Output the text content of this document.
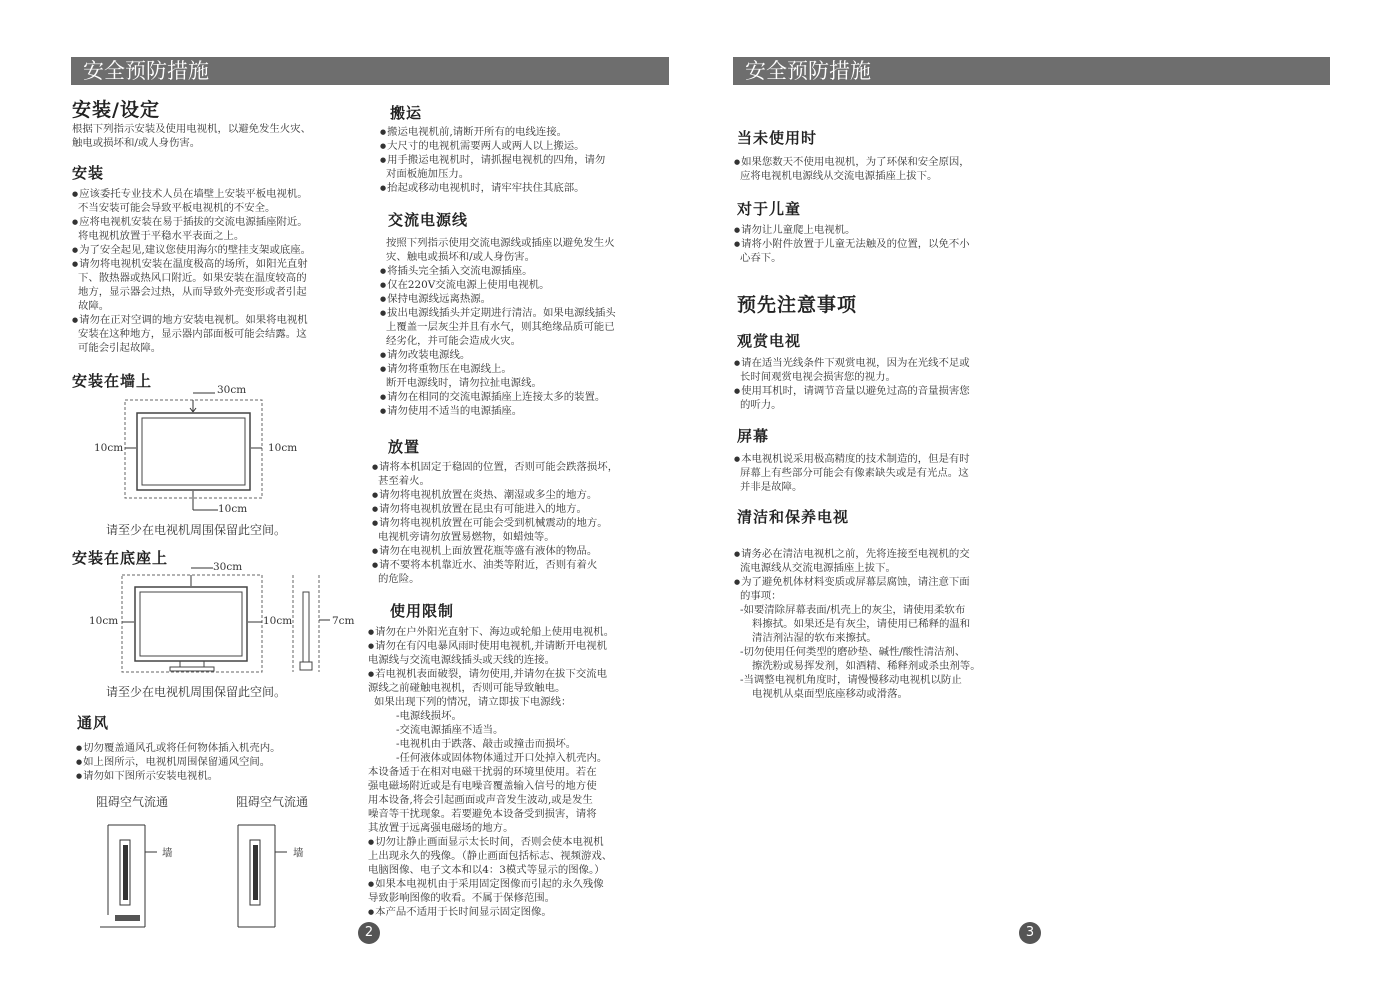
安全预防措施
安装/设定
根据下列指示安装及使用电视机，以避免发生火灾、
触电或损坏和/或人身伤害。
安装
● 应该委托专业技术人员在墙壁上安装平板电视机。
不当安装可能会导致平板电视机的不安全。
● 应将电视机安装在易于插拔的交流电源插座附近。
将电视机放置于平稳水平表面之上。
● 为了安全起见,建议您使用海尔的壁挂支架或底座。
● 请勿将电视机安装在温度极高的场所，如阳光直射
下、散热器或热风口附近。如果安装在温度较高的
地方，显示器会过热，从而导致外壳变形或者引起
故障。
● 请勿在正对空调的地方安装电视机。如果将电视机
安装在这种地方，显示器内部面板可能会结露。这
可能会引起故障。
安装在墙上	30cm
10cm	10cm
10cm
请至少在电视机周围保留此空间。
安装在底座上	30cm
10cm	10cm	7cm
请至少在电视机周围保留此空间。
通风
● 切勿覆盖通风孔或将任何物体插入机壳内。
● 如上图所示，电视机周围保留通风空间。
● 请勿如下图所示安装电视机。
阻碍空气流通	阻碍空气流通
墙	墙
搬运
● 搬运电视机前,请断开所有的电线连接。
● 大尺寸的电视机需要两人或两人以上搬运。
● 用手搬运电视机时，请抓握电视机的四角，请勿
对面板施加压力。
● 抬起或移动电视机时，请牢牢扶住其底部。
交流电源线
按照下列指示使用交流电源线或插座以避免发生火
灾、触电或损坏和/或人身伤害。
● 将插头完全插入交流电源插座。
● 仅在220V交流电源上使用电视机。
● 保持电源线远离热源。
● 拔出电源线插头并定期进行清洁。如果电源线插头
上覆盖一层灰尘并且有水气，则其绝缘品质可能已
经劣化，并可能会造成火灾。
● 请勿改装电源线。
● 请勿将重物压在电源线上。
断开电源线时，请勿拉扯电源线。
● 请勿在相同的交流电源插座上连接太多的装置。
● 请勿使用不适当的电源插座。
放置
● 请将本机固定于稳固的位置，否则可能会跌落损坏，
甚至着火。
● 请勿将电视机放置在炎热、潮湿或多尘的地方。
● 请勿将电视机放置在昆虫有可能进入的地方。
● 请勿将电视机放置在可能会受到机械震动的地方。
电视机旁请勿放置易燃物，如蜡烛等。
● 请勿在电视机上面放置花瓶等盛有液体的物品。
● 请不要将本机靠近水、油类等附近，否则有着火
的危险。
使用限制
● 请勿在户外阳光直射下、海边或轮船上使用电视机。
● 请勿在有闪电暴风雨时使用电视机,并请断开电视机
电源线与交流电源线插头或天线的连接。
● 若电视机表面破裂，请勿使用,并请勿在拔下交流电
源线之前碰触电视机，否则可能导致触电。
如果出现下列的情况，请立即拔下电源线：
-电源线损坏。
-交流电源插座不适当。
-电视机由于跌落、敲击或撞击而损坏。
-任何液体或固体物体通过开口处掉入机壳内。
本设备适于在相对电磁干扰弱的环境里使用。若在
强电磁场附近或是有电噪音覆盖输入信号的地方使
用本设备,将会引起画面或声音发生波动,或是发生
噪音等干扰现象。若要避免本设备受到损害，请将
其放置于远离强电磁场的地方。
● 切勿让静止画面显示太长时间，否则会使本电视机
上出现永久的残像。（静止画面包括标志、视频游戏、
电脑图像、电子文本和以4：3模式等显示的图像。）
● 如果本电视机由于采用固定图像而引起的永久残像
导致影响图像的收看。不属于保修范围。
● 本产品不适用于长时间显示固定图像。
2
安全预防措施
当未使用时
● 如果您数天不使用电视机，为了环保和安全原因，
应将电视机电源线从交流电源插座上拔下。
对于儿童
● 请勿让儿童爬上电视机。
● 请将小附件放置于儿童无法触及的位置，以免不小
心吞下。
预先注意事项
观赏电视
● 请在适当光线条件下观赏电视，因为在光线不足或
长时间观赏电视会损害您的视力。
● 使用耳机时，请调节音量以避免过高的音量损害您
的听力。
屏幕
● 本电视机说采用极高精度的技术制造的，但是有时
屏幕上有些部分可能会有像素缺失或是有光点。这
并非是故障。
清洁和保养电视
● 请务必在清洁电视机之前，先将连接至电视机的交
流电源线从交流电源插座上拔下。
● 为了避免机体材料变质或屏幕层腐蚀，请注意下面
的事项：
-如要清除屏幕表面/机壳上的灰尘，请使用柔软布
料擦拭。如果还是有灰尘，请使用已稀释的温和
清洁剂沾湿的软布来擦拭。
-切勿使用任何类型的磨砂垫、碱性/酸性清洁剂、
擦洗粉或易挥发剂，如酒精、稀释剂或杀虫剂等。
-当调整电视机角度时，请慢慢移动电视机以防止
电视机从桌面型底座移动或滑落。
3
